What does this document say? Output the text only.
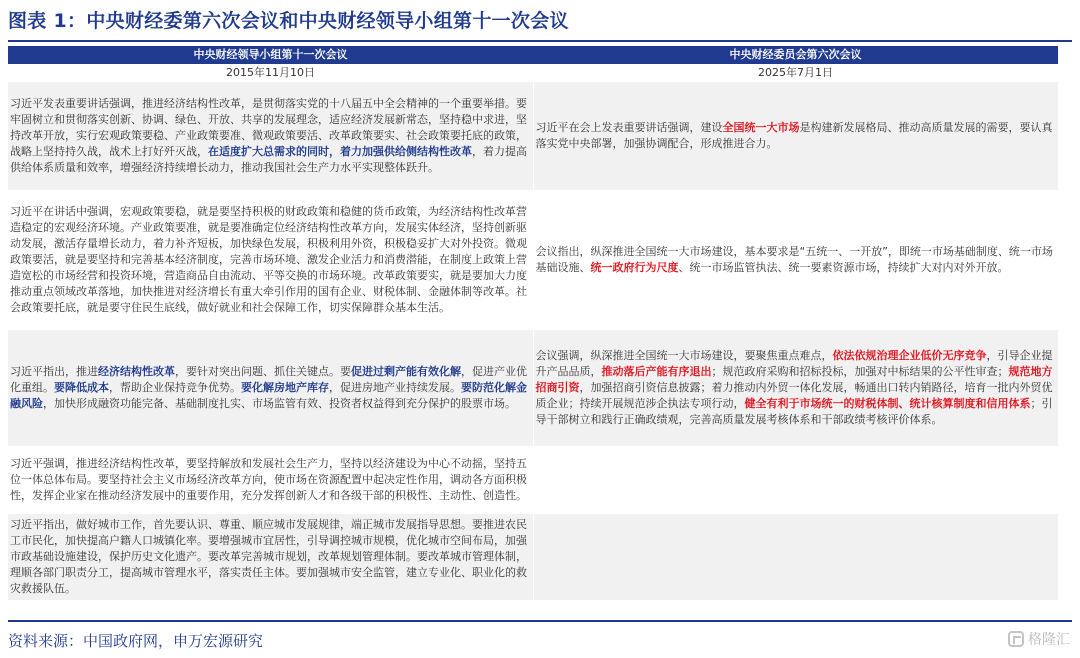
图表 1：中央财经委第六次会议和中央财经领导小组第十一次会议
中央财经领导小组第十一次会议	中央财经委员会第六次会议
2015年11月10日	2025年7月1日
习近平发表重要讲话强调，推进经济结构性改革，是贯彻落实党的十八届五中全会精神的一个重要举措。要牢固树立和贯彻落实创新、协调、绿色、开放、共享的发展理念，适应经济发展新常态，坚持稳中求进，坚持改革开放，实行宏观政策要稳、产业政策要准、微观政策要活、改革政策要实、社会政策要托底的政策，战略上坚持持久战，战术上打好歼灭战，在适度扩大总需求的同时，着力加强供给侧结构性改革，着力提高供给体系质量和效率，增强经济持续增长动力，推动我国社会生产力水平实现整体跃升。	习近平在会上发表重要讲话强调，建设全国统一大市场是构建新发展格局、推动高质量发展的需要，要认真落实党中央部署，加强协调配合，形成推进合力。
习近平在讲话中强调，宏观政策要稳，就是要坚持积极的财政政策和稳健的货币政策，为经济结构性改革营造稳定的宏观经济环境。产业政策要准，就是要准确定位经济结构性改革方向，发展实体经济，坚持创新驱动发展，激活存量增长动力，着力补齐短板，加快绿色发展，积极利用外资，积极稳妥扩大对外投资。微观政策要活，就是要坚持和完善基本经济制度，完善市场环境、激发企业活力和消费潜能，在制度上政策上营造宽松的市场经营和投资环境，营造商品自由流动、平等交换的市场环境。改革政策要实，就是要加大力度推动重点领域改革落地，加快推进对经济增长有重大牵引作用的国有企业、财税体制、金融体制等改革。社会政策要托底，就是要守住民生底线，做好就业和社会保障工作，切实保障群众基本生活。	会议指出，纵深推进全国统一大市场建设，基本要求是“五统一、一开放”，即统一市场基础制度、统一市场基础设施、统一政府行为尺度、统一市场监管执法、统一要素资源市场，持续扩大对内对外开放。
习近平指出，推进经济结构性改革，要针对突出问题、抓住关键点。要促进过剩产能有效化解，促进产业优化重组。要降低成本，帮助企业保持竞争优势。要化解房地产库存，促进房地产业持续发展。要防范化解金融风险，加快形成融资功能完备、基础制度扎实、市场监管有效、投资者权益得到充分保护的股票市场。	会议强调，纵深推进全国统一大市场建设，要聚焦重点难点，依法依规治理企业低价无序竞争，引导企业提升产品品质，推动落后产能有序退出；规范政府采购和招标投标，加强对中标结果的公平性审查；规范地方招商引资，加强招商引资信息披露；着力推动内外贸一体化发展，畅通出口转内销路径，培育一批内外贸优质企业；持续开展规范涉企执法专项行动，健全有利于市场统一的财税体制、统计核算制度和信用体系；引导干部树立和践行正确政绩观，完善高质量发展考核体系和干部政绩考核评价体系。
习近平强调，推进经济结构性改革，要坚持解放和发展社会生产力，坚持以经济建设为中心不动摇，坚持五位一体总体布局。要坚持社会主义市场经济改革方向，使市场在资源配置中起决定性作用，调动各方面积极性，发挥企业家在推动经济发展中的重要作用，充分发挥创新人才和各级干部的积极性、主动性、创造性。	
习近平指出，做好城市工作，首先要认识、尊重、顺应城市发展规律，端正城市发展指导思想。要推进农民工市民化，加快提高户籍人口城镇化率。要增强城市宜居性，引导调控城市规模，优化城市空间布局，加强市政基础设施建设，保护历史文化遗产。要改革完善城市规划，改革规划管理体制。要改革城市管理体制，理顺各部门职责分工，提高城市管理水平，落实责任主体。要加强城市安全监管，建立专业化、职业化的救灾救援队伍。	
资料来源：中国政府网，申万宏源研究	格隆汇
